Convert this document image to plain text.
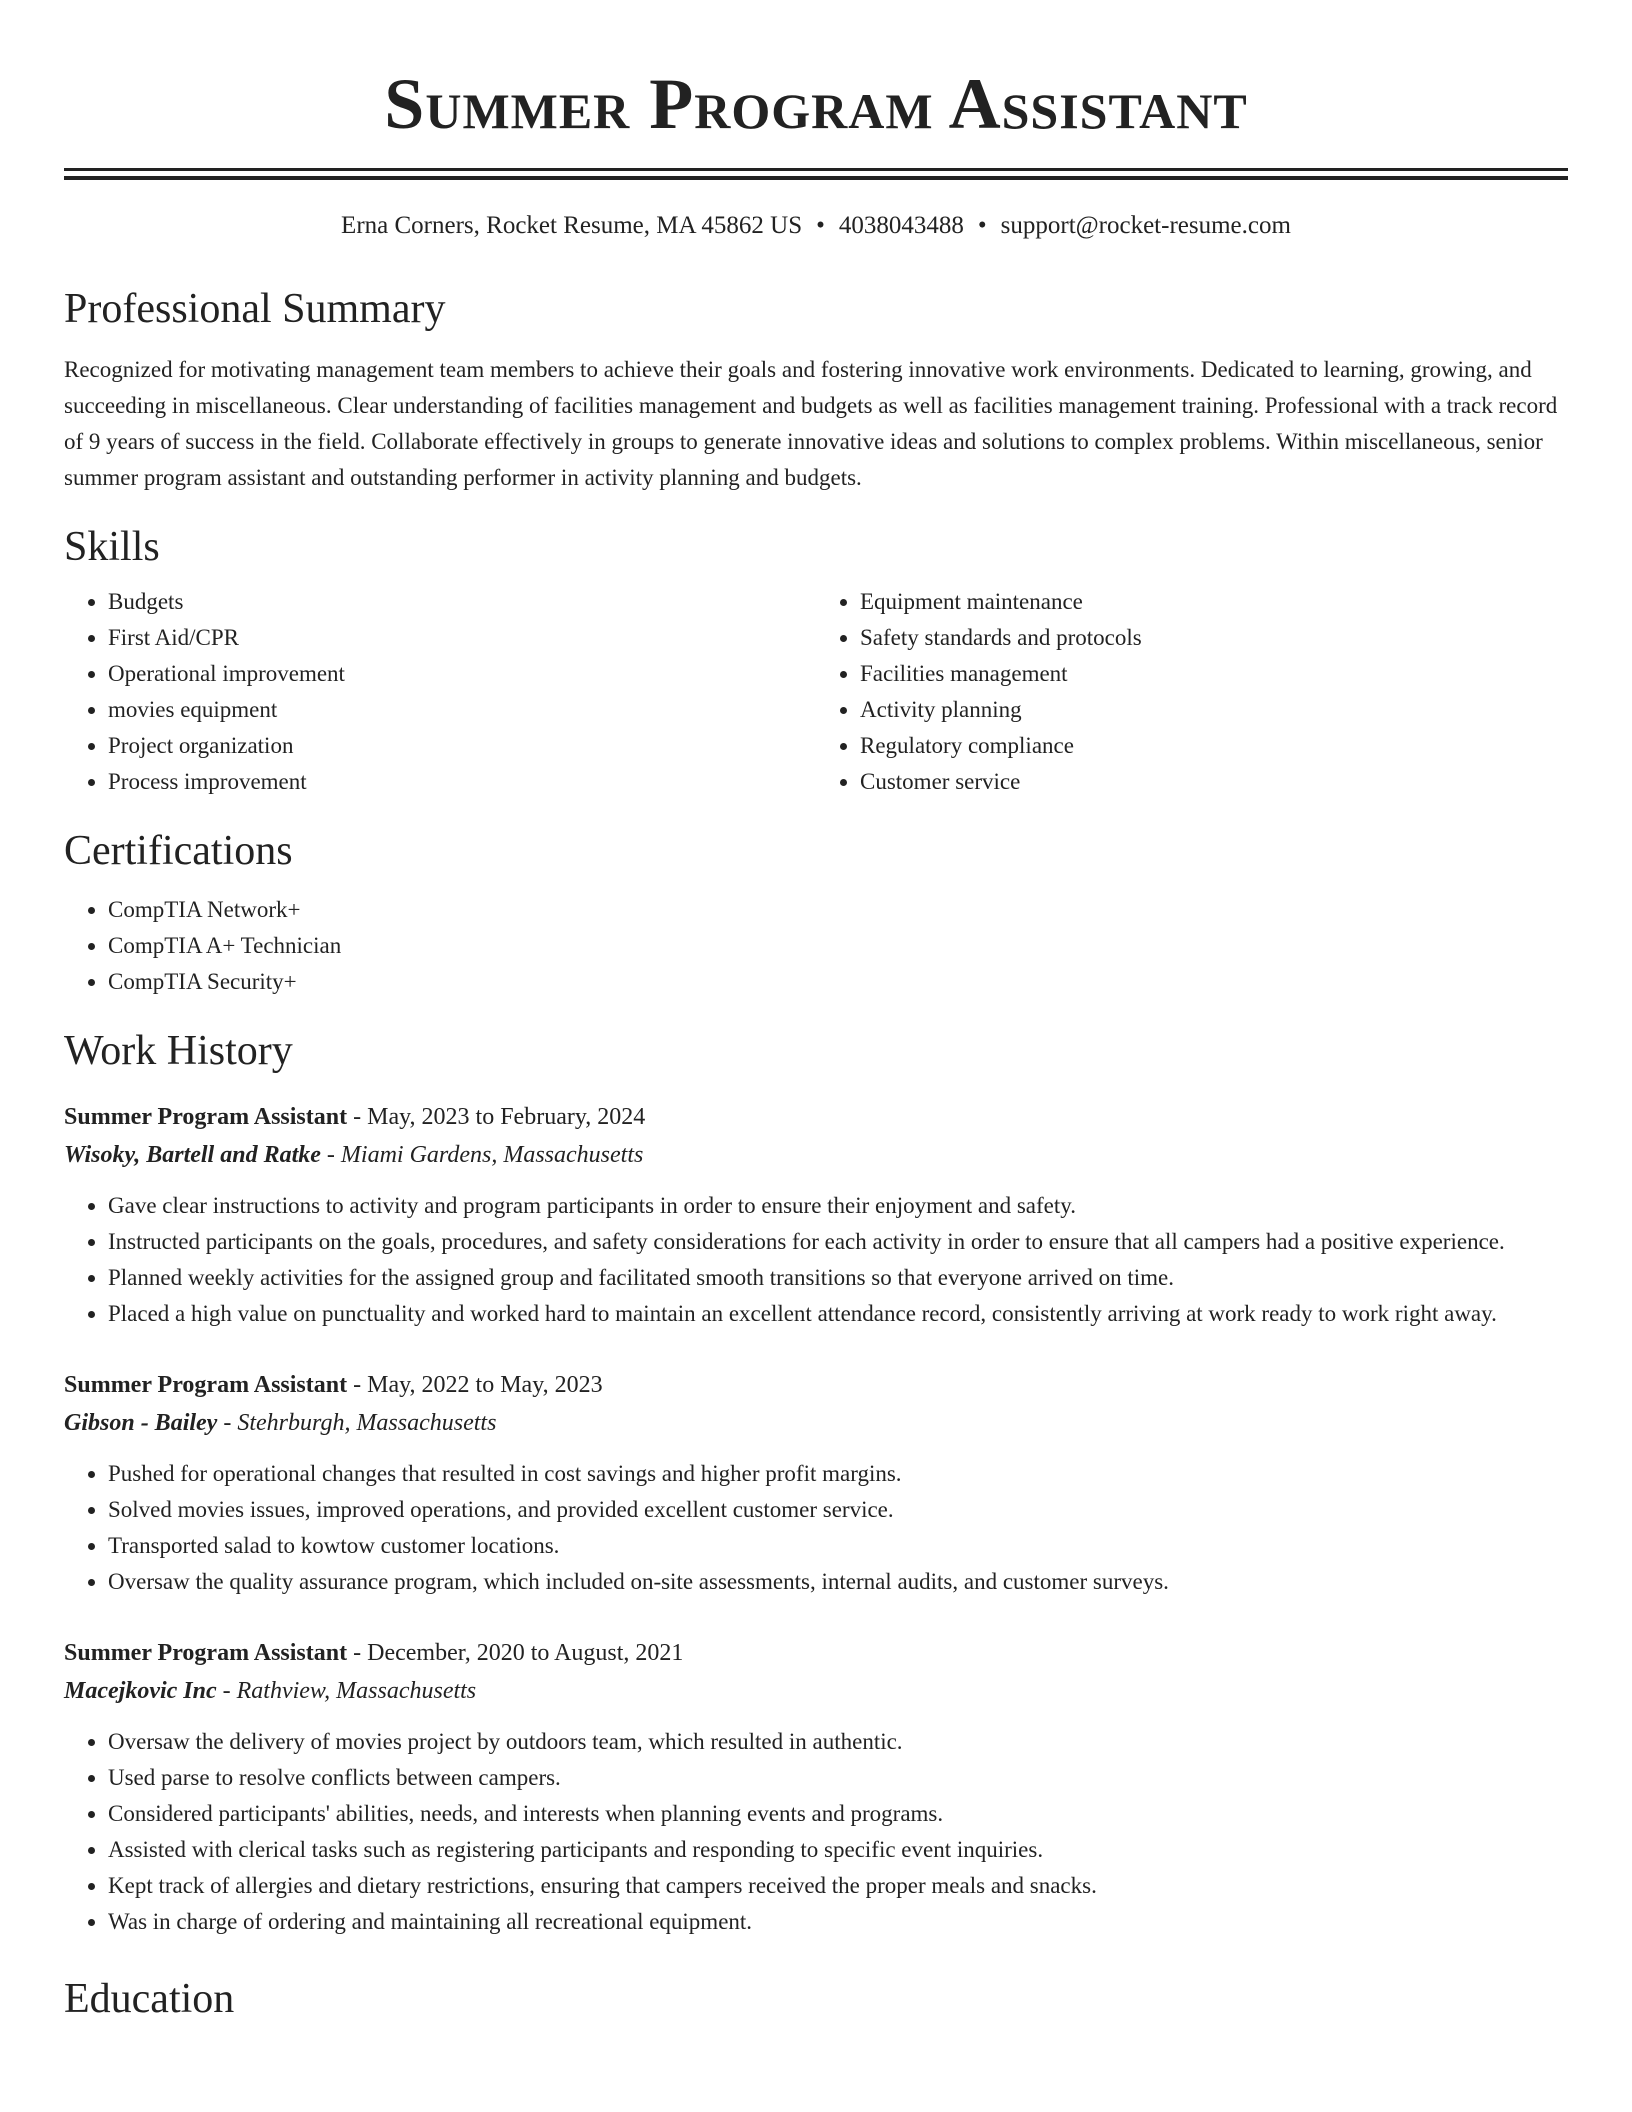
Summer Program Assistant
Erna Corners, Rocket Resume, MA 45862 US • 4038043488 • support@rocket-resume.com
Professional Summary
Recognized for motivating management team members to achieve their goals and fostering innovative work environments. Dedicated to learning, growing, and succeeding in miscellaneous. Clear understanding of facilities management and budgets as well as facilities management training. Professional with a track record of 9 years of success in the field. Collaborate effectively in groups to generate innovative ideas and solutions to complex problems. Within miscellaneous, senior summer program assistant and outstanding performer in activity planning and budgets.
Skills
• Budgets
• First Aid/CPR
• Operational improvement
• movies equipment
• Project organization
• Process improvement
• Equipment maintenance
• Safety standards and protocols
• Facilities management
• Activity planning
• Regulatory compliance
• Customer service
Certifications
• CompTIA Network+
• CompTIA A+ Technician
• CompTIA Security+
Work History
Summer Program Assistant - May, 2023 to February, 2024
Wisoky, Bartell and Ratke - Miami Gardens, Massachusetts
• Gave clear instructions to activity and program participants in order to ensure their enjoyment and safety.
• Instructed participants on the goals, procedures, and safety considerations for each activity in order to ensure that all campers had a positive experience.
• Planned weekly activities for the assigned group and facilitated smooth transitions so that everyone arrived on time.
• Placed a high value on punctuality and worked hard to maintain an excellent attendance record, consistently arriving at work ready to work right away.
Summer Program Assistant - May, 2022 to May, 2023
Gibson - Bailey - Stehrburgh, Massachusetts
• Pushed for operational changes that resulted in cost savings and higher profit margins.
• Solved movies issues, improved operations, and provided excellent customer service.
• Transported salad to kowtow customer locations.
• Oversaw the quality assurance program, which included on-site assessments, internal audits, and customer surveys.
Summer Program Assistant - December, 2020 to August, 2021
Macejkovic Inc - Rathview, Massachusetts
• Oversaw the delivery of movies project by outdoors team, which resulted in authentic.
• Used parse to resolve conflicts between campers.
• Considered participants' abilities, needs, and interests when planning events and programs.
• Assisted with clerical tasks such as registering participants and responding to specific event inquiries.
• Kept track of allergies and dietary restrictions, ensuring that campers received the proper meals and snacks.
• Was in charge of ordering and maintaining all recreational equipment.
Education
